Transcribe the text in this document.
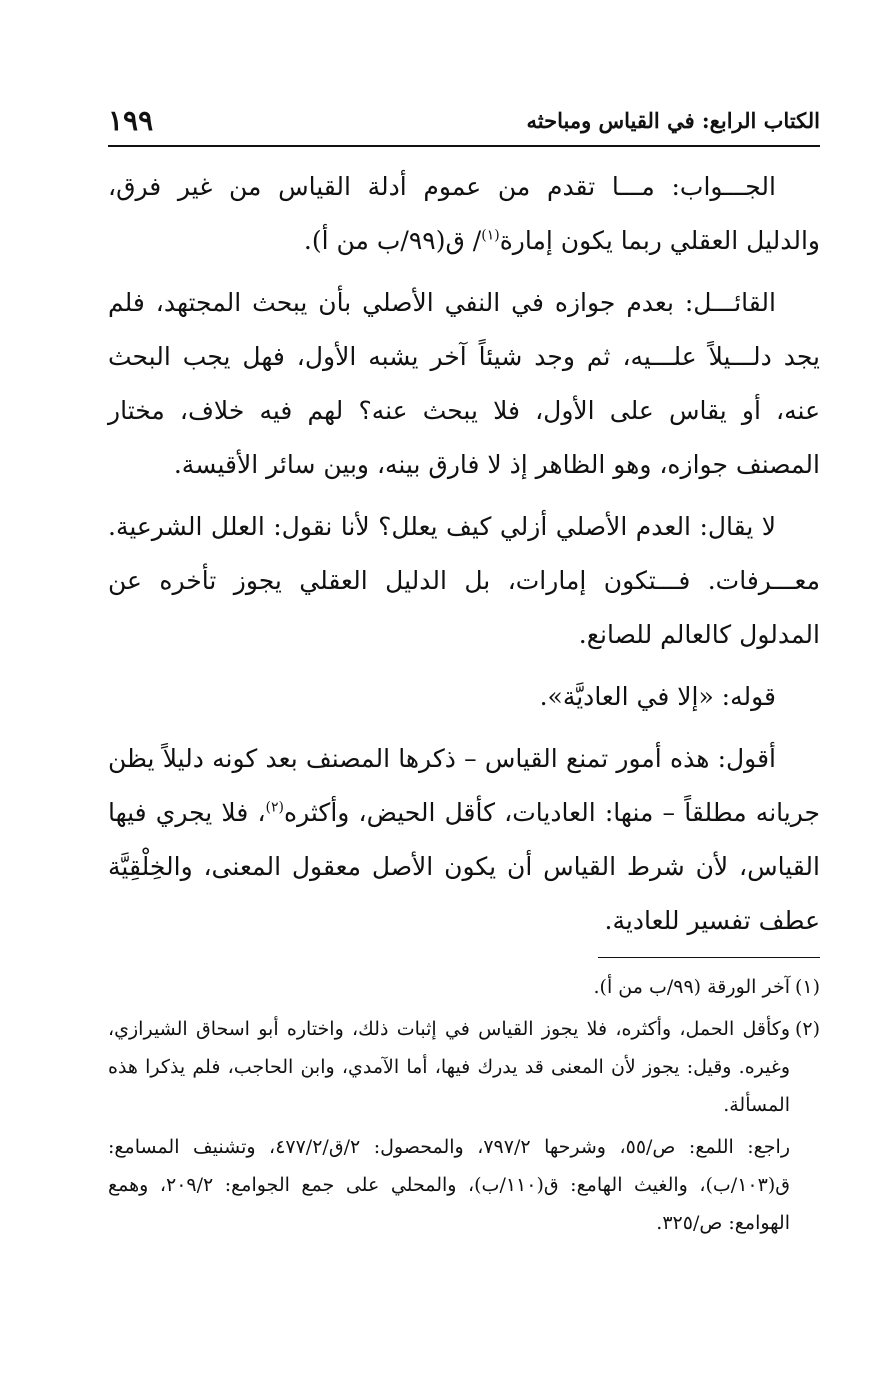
الكتاب الرابع: في القياس ومباحثه
١٩٩

الجـــواب: مـــا تقدم من عموم أدلة القياس من غير فرق، والدليل العقلي ربما يكون إمارة$^{(١)}$/ ق(٩٩/ب من أ).

القائـــل: بعدم جوازه في النفي الأصلي بأن يبحث المجتهد، فلم يجد دلـــيلاً علـــيه، ثم وجد شيئاً آخر يشبه الأول، فهل يجب البحث عنه، أو يقاس على الأول، فلا يبحث عنه؟ لهم فيه خلاف، مختار المصنف جوازه، وهو الظاهر إذ لا فارق بينه، وبين سائر الأقيسة.

لا يقال: العدم الأصلي أزلي كيف يعلل؟ لأنا نقول: العلل الشرعية. معـــرفات. فـــتكون إمارات، بل الدليل العقلي يجوز تأخره عن المدلول كالعالم للصانع.

قوله: «إلا في العاديَّة».

أقول: هذه أمور تمنع القياس – ذكرها المصنف بعد كونه دليلاً يظن جريانه مطلقاً – منها: العاديات، كأقل الحيض، وأكثره$^{(٢)}$، فلا يجري فيها القياس، لأن شرط القياس أن يكون الأصل معقول المعنى، والخِلْقِيَّة عطف تفسير للعادية.

(١)آخر الورقة (٩٩/ب من أ).

(٢)وكأقل الحمل، وأكثره، فلا يجوز القياس في إثبات ذلك، واختاره أبو اسحاق الشيرازي، وغيره. وقيل: يجوز لأن المعنى قد يدرك فيها، أما الآمدي، وابن الحاجب، فلم يذكرا هذه المسألة.

راجع: اللمع: ص/٥٥، وشرحها ٧٩٧/٢، والمحصول: ٢/ق/٤٧٧/٢، وتشنيف المسامع: ق(١٠٣/ب)، والغيث الهامع: ق(١١٠/ب)، والمحلي على جمع الجوامع: ٢٠٩/٢، وهمع الهوامع: ص/٣٢٥.
